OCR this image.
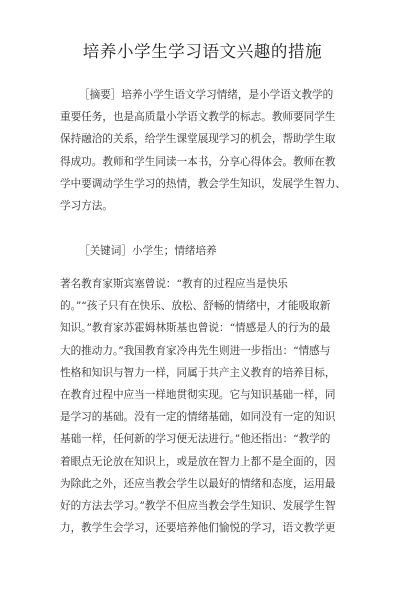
培养小学生学习语文兴趣的措施
［摘要］培养小学生语文学习情绪，是小学语文教学的
重要任务，也是高质量小学语文教学的标志。教师要同学生
保持融洽的关系，给学生课堂展现学习的机会，帮助学生取
得成功。教师和学生同读一本书，分享心得体会。教师在教
学中要调动学生学习的热情，教会学生知识，发展学生智力、
学习方法。
［关键词］小学生；情绪培养
著名教育家斯宾塞曾说：“教育的过程应当是快乐
的。”“孩子只有在快乐、放松、舒畅的情绪中，才能吸取新
知识。”教育家苏霍姆林斯基也曾说：“情感是人的行为的最
大的推动力。”我国教育家冷冉先生则进一步指出：“情感与
性格和知识与智力一样，同属于共产主义教育的培养目标，
在教育过程中应当一样地贯彻实现。它与知识基础一样，同
是学习的基础。没有一定的情绪基础，如同没有一定的知识
基础一样，任何新的学习便无法进行。”他还指出：“教学的
着眼点无论放在知识上，或是放在智力上都不是全面的，因
为除此之外，还应当教会学生以最好的情绪和态度，运用最
好的方法去学习。”教学不但应当教会学生知识、发展学生智
力，教学生会学习，还要培养他们愉悦的学习，语文教学更
